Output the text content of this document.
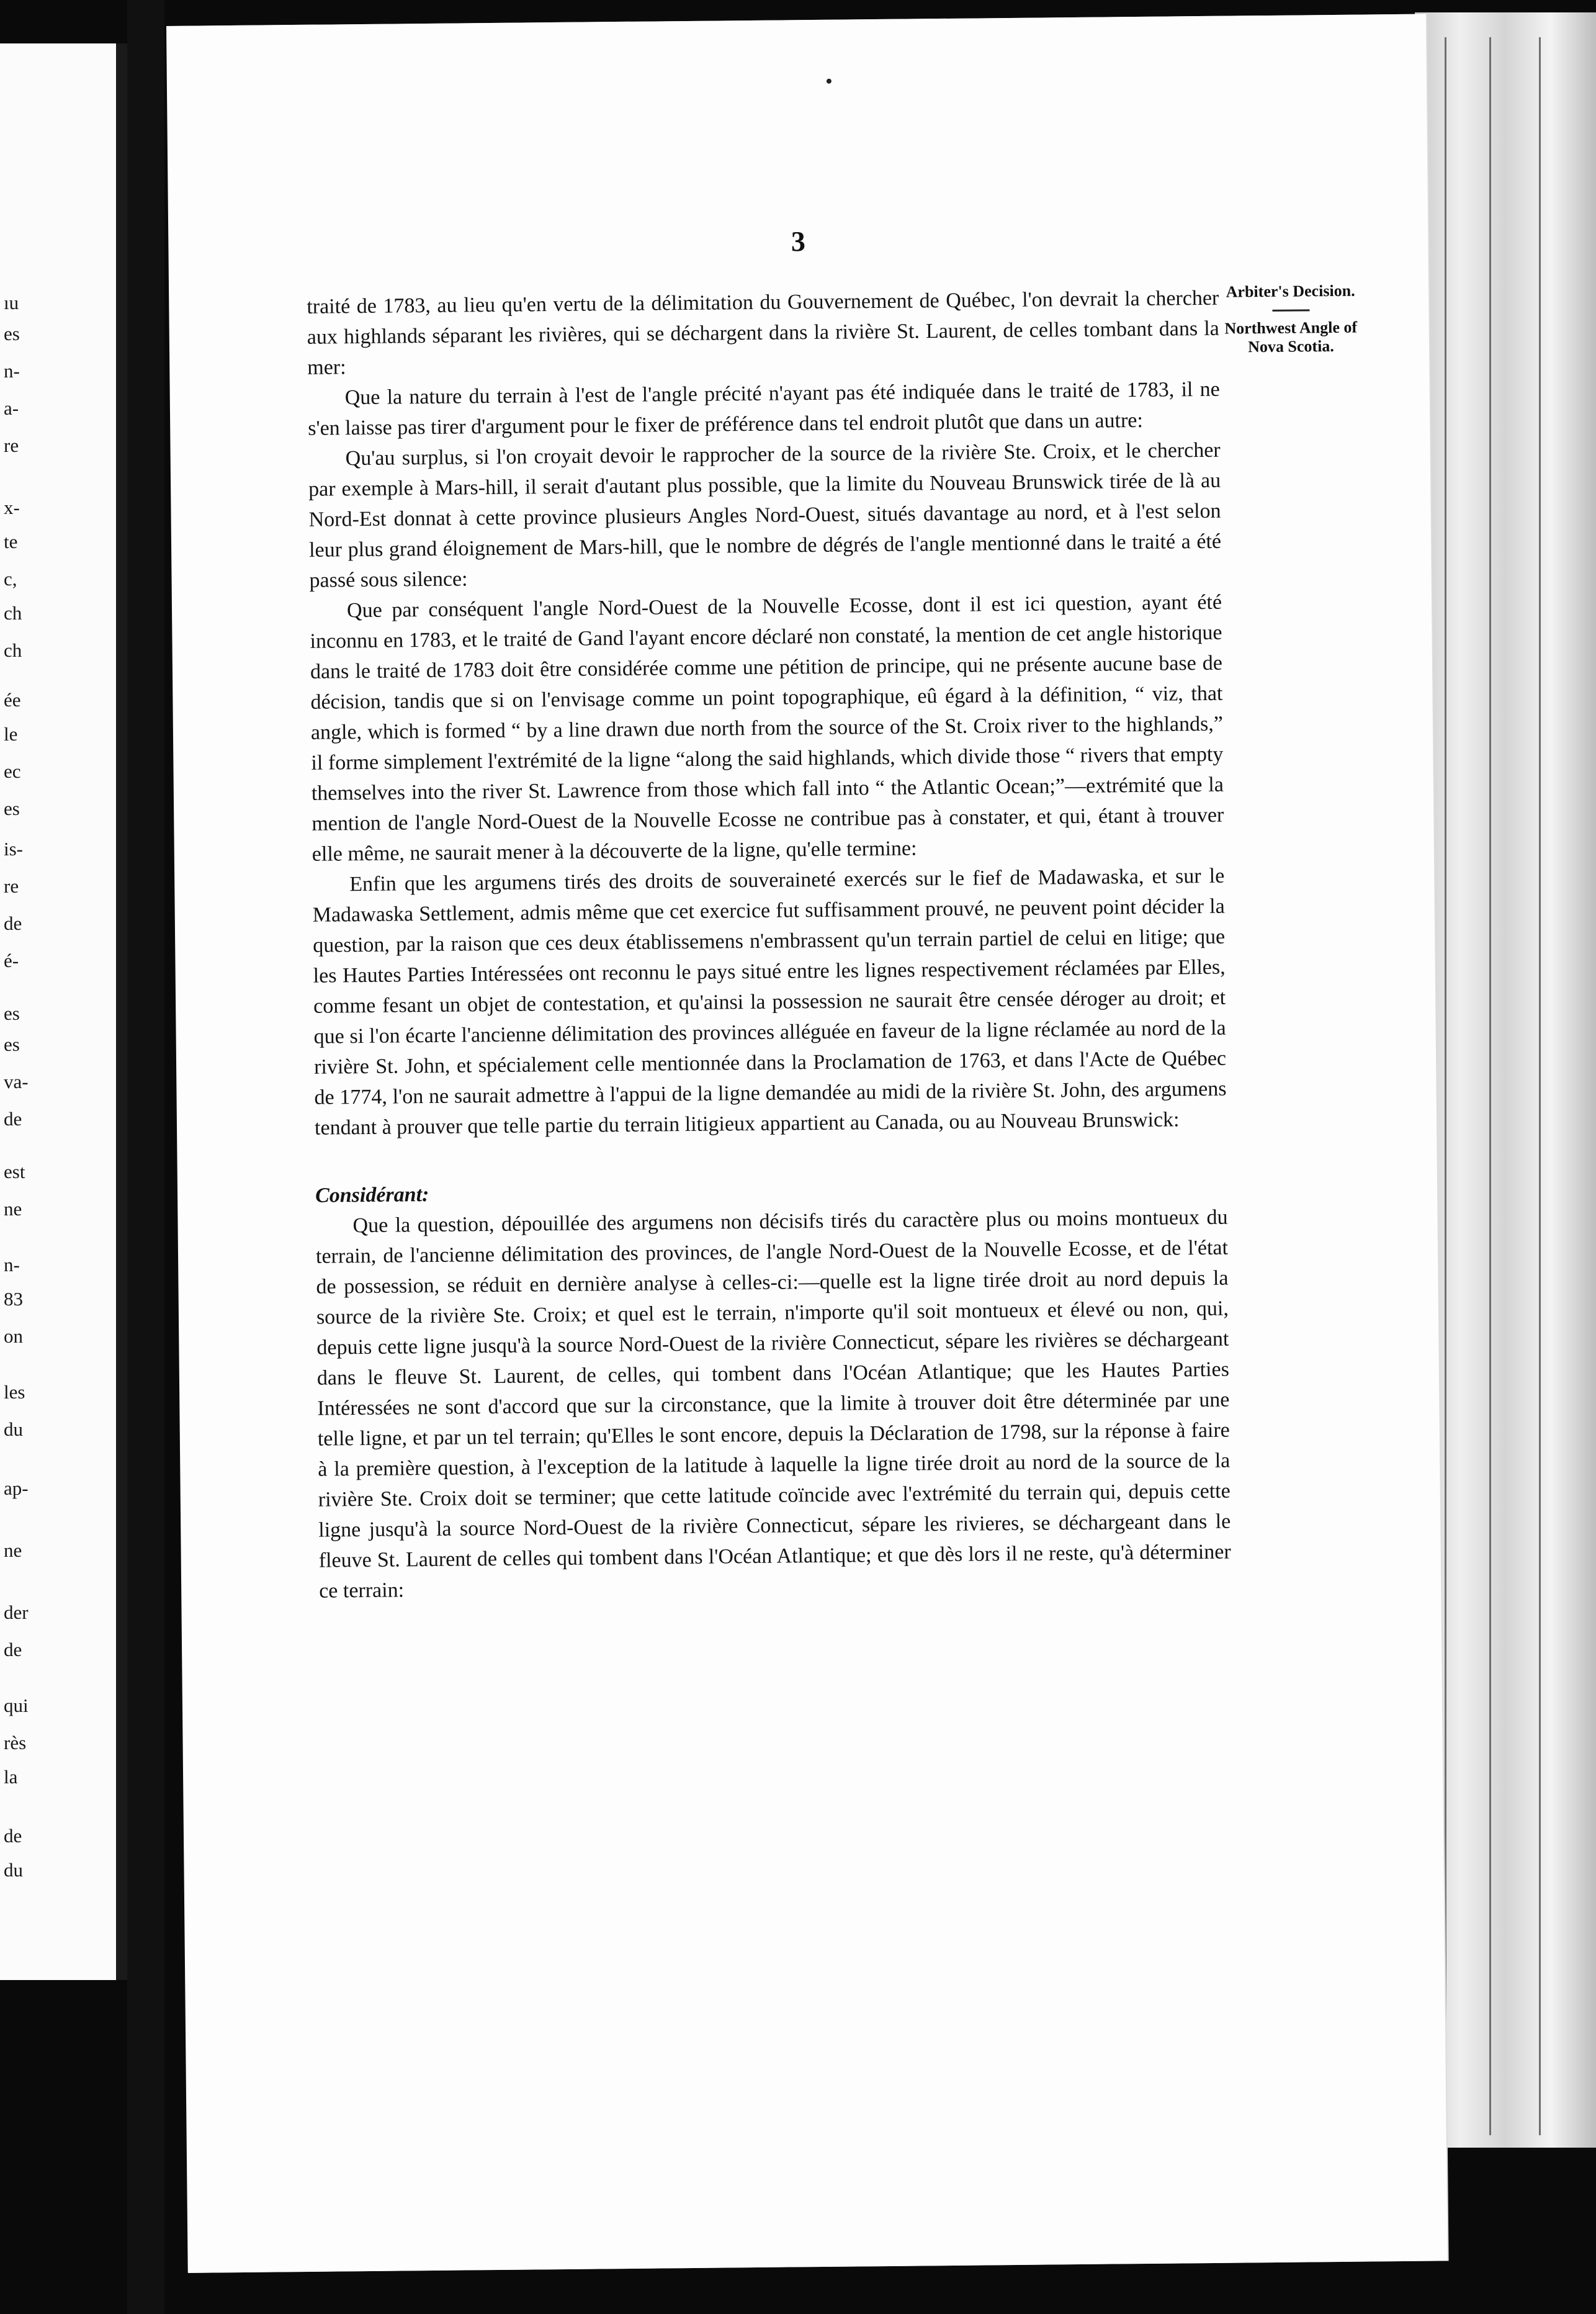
ıu
es
n-
a-
re
x-
te
c,
ch
ch
ée
le
ec
es
is-
re
de
é-
es
es
va-
de
est
ne
n-
83
on
les
du
ap-
ne
der
de
qui
rès
la
de
du
3
Arbiter's Decision.
Northwest Angle of Nova Scotia.

traité de 1783, au lieu qu'en vertu de la délimitation du Gouvernement de Québec, l'on devrait la chercher aux highlands séparant les rivières, qui se déchargent dans la rivière St. Laurent, de celles tombant dans la mer:

Que la nature du terrain à l'est de l'angle précité n'ayant pas été indiquée dans le traité de 1783, il ne s'en laisse pas tirer d'argument pour le fixer de préférence dans tel endroit plutôt que dans un autre:

Qu'au surplus, si l'on croyait devoir le rapprocher de la source de la rivière Ste. Croix, et le chercher par exemple à Mars-hill, il serait d'autant plus possible, que la limite du Nouveau Brunswick tirée de là au Nord-Est donnat à cette province plusieurs Angles Nord-Ouest, situés davantage au nord, et à l'est selon leur plus grand éloignement de Mars-hill, que le nombre de dégrés de l'angle mentionné dans le traité a été passé sous silence:

Que par conséquent l'angle Nord-Ouest de la Nouvelle Ecosse, dont il est ici question, ayant été inconnu en 1783, et le traité de Gand l'ayant encore déclaré non constaté, la mention de cet angle historique dans le traité de 1783 doit être considérée comme une pétition de principe, qui ne présente aucune base de décision, tandis que si on l'envisage comme un point topographique, eû égard à la définition, “ viz, that angle, which is formed “ by a line drawn due north from the source of the St. Croix river to the highlands,” il forme simplement l'extrémité de la ligne “along the said highlands, which divide those “ rivers that empty themselves into the river St. Lawrence from those which fall into “ the Atlantic Ocean;”—extrémité que la mention de l'angle Nord-Ouest de la Nouvelle Ecosse ne contribue pas à constater, et qui, étant à trouver elle même, ne saurait mener à la découverte de la ligne, qu'elle termine:

Enfin que les argumens tirés des droits de souveraineté exercés sur le fief de Madawaska, et sur le Madawaska Settlement, admis même que cet exercice fut suffisamment prouvé, ne peuvent point décider la question, par la raison que ces deux établissemens n'embrassent qu'un terrain partiel de celui en litige; que les Hautes Parties Intéressées ont reconnu le pays situé entre les lignes respectivement réclamées par Elles, comme fesant un objet de contestation, et qu'ainsi la possession ne saurait être censée déroger au droit; et que si l'on écarte l'ancienne délimitation des provinces alléguée en faveur de la ligne réclamée au nord de la rivière St. John, et spécialement celle mentionnée dans la Proclamation de 1763, et dans l'Acte de Québec de 1774, l'on ne saurait admettre à l'appui de la ligne demandée au midi de la rivière St. John, des argumens tendant à prouver que telle partie du terrain litigieux appartient au Canada, ou au Nouveau Brunswick:

Considérant:

Que la question, dépouillée des argumens non décisifs tirés du caractère plus ou moins montueux du terrain, de l'ancienne délimitation des provinces, de l'angle Nord-Ouest de la Nouvelle Ecosse, et de l'état de possession, se réduit en dernière analyse à celles-ci:—quelle est la ligne tirée droit au nord depuis la source de la rivière Ste. Croix; et quel est le terrain, n'importe qu'il soit montueux et élevé ou non, qui, depuis cette ligne jusqu'à la source Nord-Ouest de la rivière Connecticut, sépare les rivières se déchargeant dans le fleuve St. Laurent, de celles, qui tombent dans l'Océan Atlantique; que les Hautes Parties Intéressées ne sont d'accord que sur la circonstance, que la limite à trouver doit être déterminée par une telle ligne, et par un tel terrain; qu'Elles le sont encore, depuis la Déclaration de 1798, sur la réponse à faire à la première question, à l'exception de la latitude à laquelle la ligne tirée droit au nord de la source de la rivière Ste. Croix doit se terminer; que cette latitude coïncide avec l'extrémité du terrain qui, depuis cette ligne jusqu'à la source Nord-Ouest de la rivière Connecticut, sépare les rivieres, se déchargeant dans le fleuve St. Laurent de celles qui tombent dans l'Océan Atlantique; et que dès lors il ne reste, qu'à déterminer ce terrain:
